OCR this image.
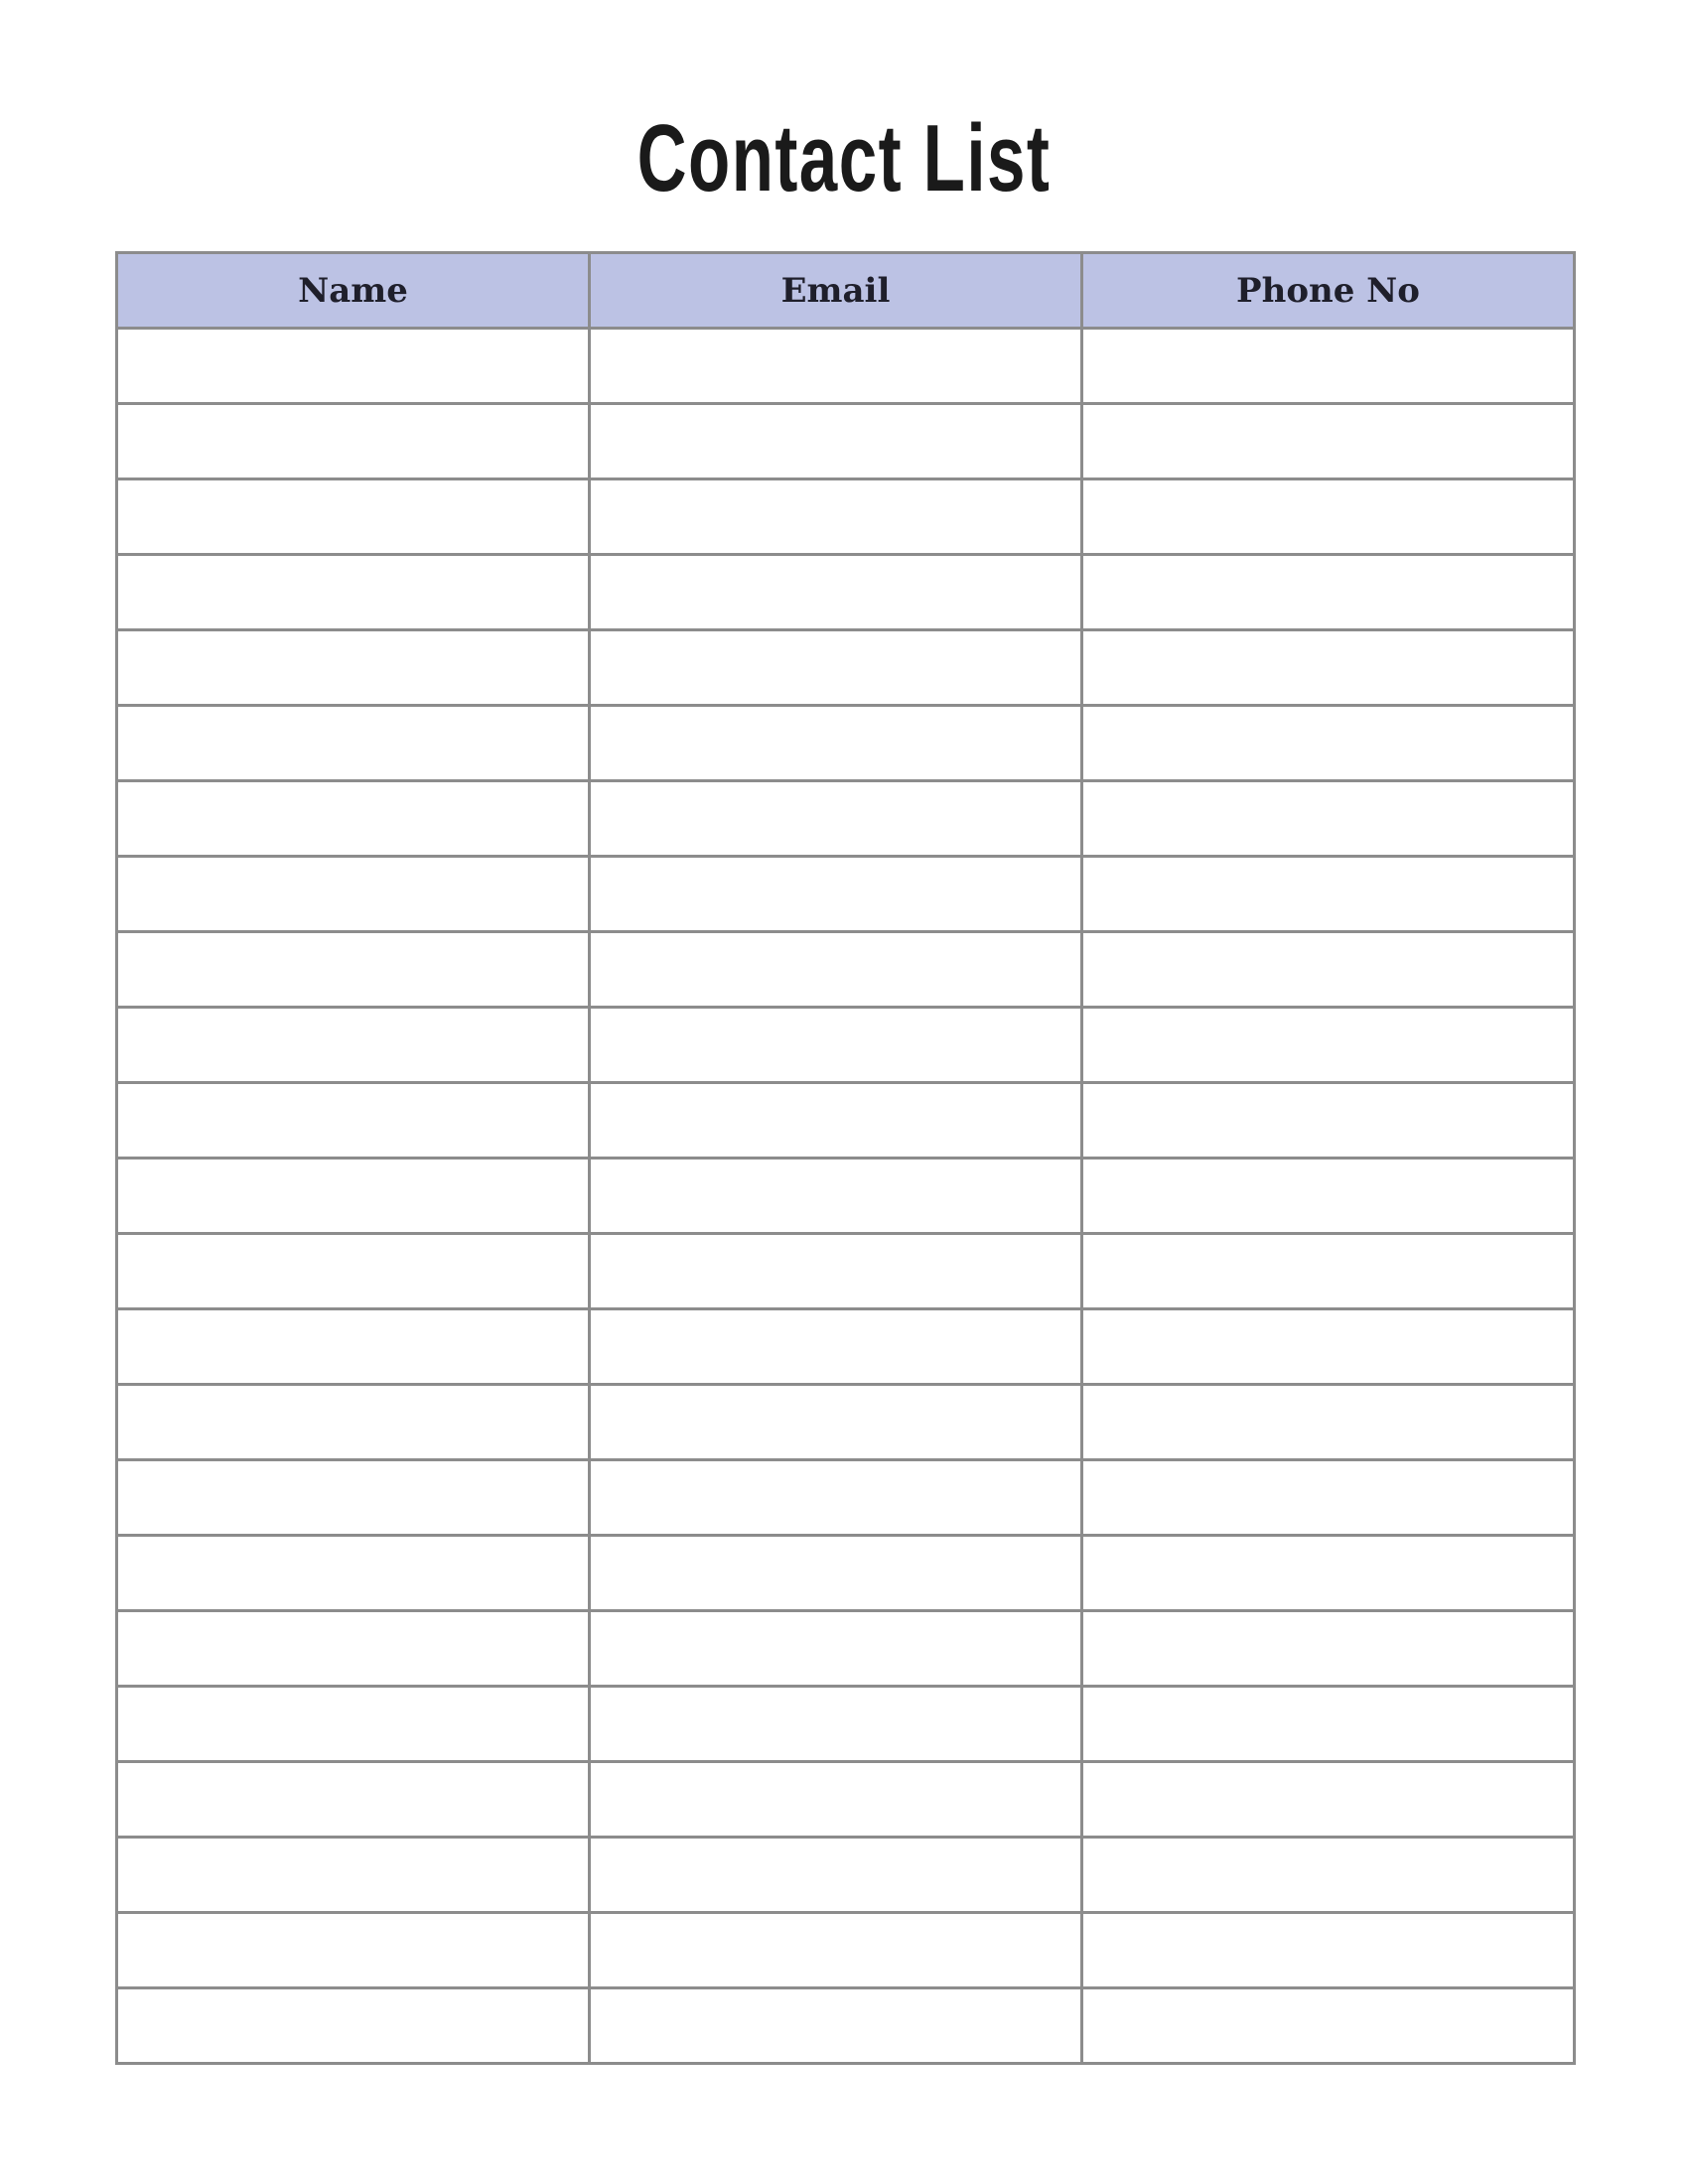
Contact List
Name	Email	Phone No
